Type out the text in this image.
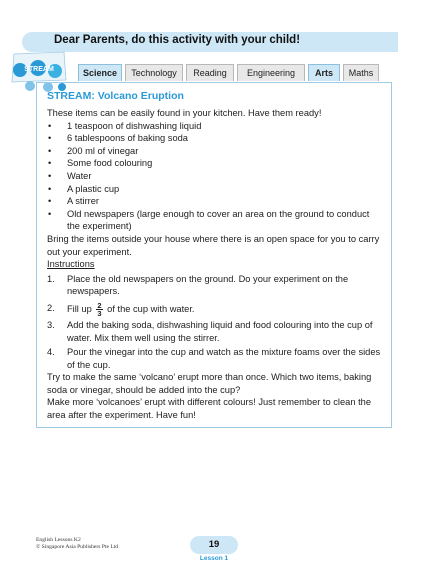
Dear Parents, do this activity with your child!
STREAM	Science	Technology	Reading	Engineering	Arts	Maths
STREAM: Volcano Eruption

These items can be easily found in your kitchen. Have them ready!

• 1 teaspoon of dishwashing liquid
• 6 tablespoons of baking soda
• 200 ml of vinegar
• Some food colouring
• Water
• A plastic cup
• A stirrer
• Old newspapers (large enough to cover an area on the ground to conduct the experiment)

Bring the items outside your house where there is an open space for you to carry out your experiment.

Instructions

1. Place the old newspapers on the ground. Do your experiment on the newspapers.
2. Fill up $\frac{2}{3}$ of the cup with water.
3. Add the baking soda, dishwashing liquid and food colouring into the cup of water. Mix them well using the stirrer.
4. Pour the vinegar into the cup and watch as the mixture foams over the sides of the cup.

Try to make the same ‘volcano’ erupt more than once. Which two items, baking soda or vinegar, should be added into the cup?

Make more ‘volcanoes’ erupt with different colours! Just remember to clean the area after the experiment. Have fun!

English Lessons K2
© Singapore Asia Publishers Pte Ltd	19
Lesson 1
